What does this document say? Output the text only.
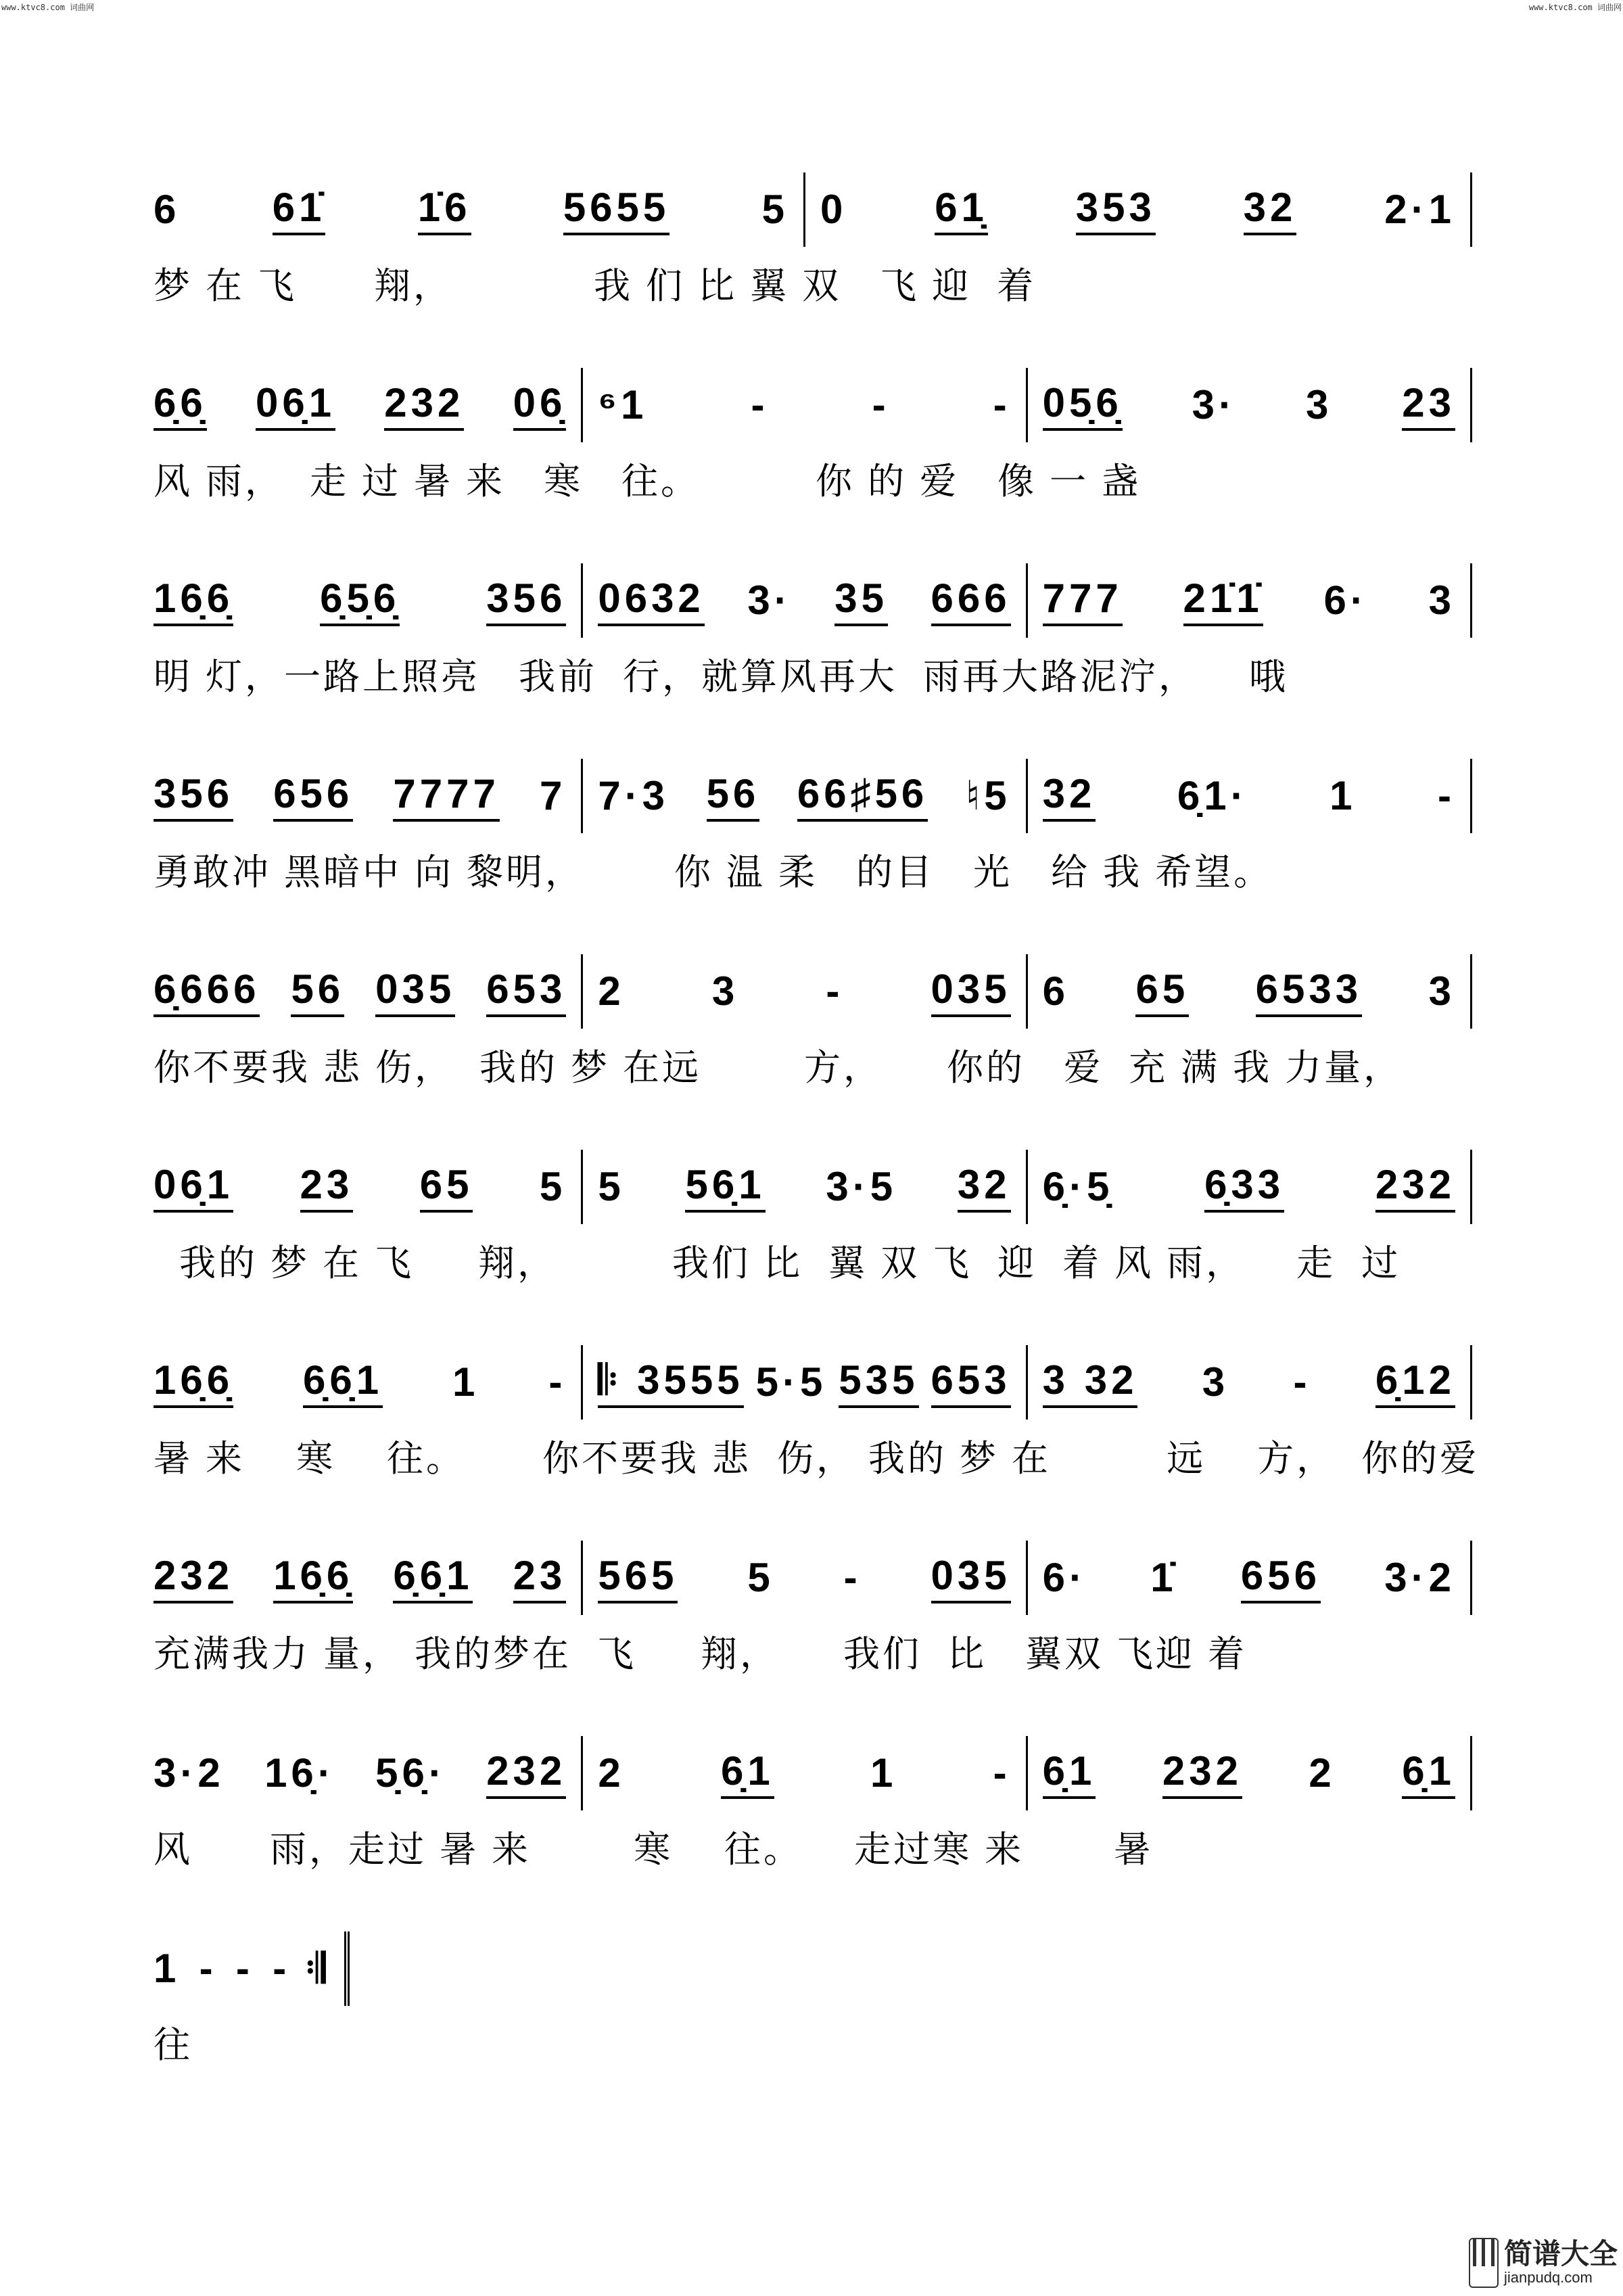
www.ktvc8.com 词曲网	www.ktvc8.com 词曲网
6 61̇ 1̇6 5655 5 0 61̣ 353 32 2·1
梦 在 飞      翔，           我 们 比 翼 双   飞 迎  着
6̣6̣ 06̣1 232 06̣ ⁶1	-	-	- 05̣6̣ 3· 3 23
风 雨，  走 过 暑 来   寒   往。         你 的 爱   像 一 盏
16̣6̣ 6̣5̣6̣ 356 0632 3· 35 666 777 21̇1̇ 6· 3
明 灯，一路上照亮   我前  行，就算风再大  雨再大路泥泞，    哦
356 656 7777 7 7·3 56 66♯56 ♮5 32 6̣1· 1 -
勇敢冲 黑暗中 向 黎明，       你 温 柔   的目   光   给 我 希望。
6̣666 56 035 653 2 3 - 035 6 65 6533 3
你不要我 悲 伤，  我的 梦 在远        方，     你的   爱  充 满 我 力量，
06̣1 23 65 5 5 56̣1 3·5 32 6̣·5̣ 6̣33 232
我的 梦 在 飞     翔，         我们 比  翼 双 飞  迎  着 风 雨，    走  过
16̣6̣ 6̣6̣1 1 - 𝄆 3555 5·5 535 653 3 32 3 - 6̣12
暑 来    寒    往。      你不要我 悲  伤， 我的 梦 在         远    方，  你的爱
232 16̣6̣ 6̣6̣1 23 565 5 - 035 6· 1̇ 656 3·2
充满我力 量， 我的梦在  飞     翔，     我们  比   翼双 飞迎 着
3·2 16̣· 5̣6̣· 232 2 6̣1 1 - 6̣1 232 2 6̣1
风      雨，走过 暑 来        寒    往。    走过寒 来       暑
1 - - - 𝄇
往
简谱大全
jianpudq.com
